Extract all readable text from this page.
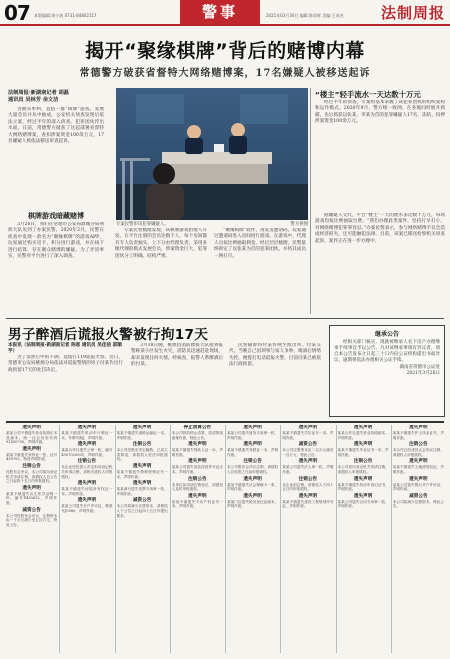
07 本版编辑:周小波 0731-84802117	警事	2021年03月30日 编辑:陈琼辉 美编:王成杰 法制周报
揭开“聚缘棋牌”背后的赌博内幕
常德警方破获省督特大网络赌博案，17名嫌疑人被移送起诉
法制周报·新湖南记者 胡磊
通讯员 吴林芳 余文洁

为抽头牟利，竟搭一群“棋牌”游戏，发展大量会员并从中抽成，公安机关侦查发现后依法立案，经过半年的深入侦查，犯罪团伙浮出水面。日前，常德警方破获了这起部署省督特大网络赌博案，查扣涉案资金100余万元，17名嫌疑人被依法移送审查起诉。

棋牌游戏暗藏赌博

3月26日，我们在常德市公安局鼎城分局刑侦大队见到了办案民警。2020年2月，民警在侦查中发现一款名为“聚缘棋牌”的游戏APP，玩家通过购买房卡、积分进行游戏，并在线下进行结算，存在聚众赌博的嫌疑。为了弄清事实，民警对平台进行了深入调查。

专案民警审讯犯罪嫌疑人。	警方供图

专案民警梳理发现，该棋牌游戏由他人开发，在平台注册的会员达数千人，每个房间都有专人负责抽头，上下分由代理负责，采用多级代理的模式发展会员，涉案资金巨大，犯罪团伙分工明确、结构严密。

“聚缘棋牌”软件，再发送邀请码，玩家通过邀请码进入房间进行游戏。在游戏中，代理人员按比例抽取佣金。经过层层梳理，民警最终锁定了以张某为首的犯罪团伙，并将其成员一网打尽。

“楼主”轻手流水一天达数十万元

经过半年的侦查，专案组基本掌握了该犯罪团伙的组织架构和运作模式。2020年9月，警方统一收网，在多地同时展开抓捕，先后抓获以张某、李某为首的犯罪嫌疑人17名，冻结、扣押涉案资金100余万元。

据嫌疑人交代，平台“楼主”一天的流水多达数十万元，每场游戏均按比例抽取台费。“我们办理此类案件，坚持打早打小，对网络赌博犯罪零容忍。”办案民警表示，参与网络赌博不仅会造成经济损失，还可能触犯法律。目前，该案已移送检察机关审查起诉，案件正在进一步办理中。

男子醉酒后谎报火警被行拘17天
本报讯（法制周报·新湖南记者 陈恩 通讯员 吴佳信 邵顺芋）

为了发泄心中的不满，竟拨打119谎报火警。近日，常德市公安局桃源分局依法对谎报警情的男子付某作出行政拘留17天的处罚决定。

3月18日晚，桃源县消防救援大队接到报警称某小区发生火灾，消防员迅速赶赴现场，却未发现任何火情。经核查，报警人系醉酒后的付某。

民警随即将付某传唤至派出所。付某交代，当晚自己因琐事与家人争吵，喝酒后情绪失控，便拨打电话谎报火警，目前付某已被依法行政拘留。

继承公告

经相关部门核实，现就被继承人名下房产办理继承手续事宜予以公告，凡对该继承事项有异议者，请自本公告发布之日起三十日内向公证机构提出书面异议，逾期将依法办理相关公证手续。

湖南省常德市公证处
2021年3月26日
遗失声明
某某公司不慎遗失营业执照正本及副本，统一社会信用代码91430700，声明作废。
遗失声明
某某不慎遗失身份证一张，证号430702，特此声明作废。
注销公告
经股东会决议，本公司拟向登记机关申请注销，请债权人自公告之日起四十五日内申报债权。
遗失声明
某某不慎遗失出生医学证明一份，编号P430612，声明作废。
减资公告
本公司经股东会决议，注册资本由一千万元减少至五百万元，特此公告。
遗失声明
某某不慎遗失机动车行驶证一本，车牌号湘J，声明作废。
遗失声明
某某合作社遗失公章一枚，编号4307020001，声明作废。
注销公告
本企业经投资人决定拟向登记机关申请注销，请相关债权人申报债权。
遗失声明
某某不慎遗失房屋所有权证一本，声明作废。
遗失声明
某某公司遗失开户许可证，核准号J5580，声明作废。
遗失声明
某某不慎遗失道路运输证一本，声明作废。
注销公告
本公司经股东决定解散，已成立清算组，请债权人依法申报债权。
遗失声明
某某不慎遗失教师资格证书一本，声明作废。
遗失声明
某某商行遗失发票专用章一枚，声明作废。
减资公告
本公司拟减少注册资本，请债权人于公告之日起四十五日内提出要求。
停止清算公告
本公司因故停止清算，原清算组备案作废，特此公告。
遗失声明
某某不慎遗失残疾人证一本，声明作废。
遗失声明
某某公司遗失食品经营许可证正本，声明作废。
注销公告
本单位拟申请注销登记，请债权人及时申报债权。
遗失声明
某某不慎遗失不动产权证书一本，声明作废。
遗失声明
某某公司遗失财务专用章一枚，声明作废。
遗失声明
某某不慎遗失驾驶证一本，声明作废。
注销公告
本公司股东会决议注销，请债权人自见报之日起申报债权。
遗失声明
某某不慎遗失社会保障卡一张，声明作废。
遗失声明
某某门店遗失税务登记证副本，声明作废。
遗失声明
某某不慎遗失学位证书一本，声明作废。
减资公告
本公司注册资本由二百万元减至一百万元，特此公告。
遗失声明
某某公司遗失法人章一枚，声明作废。
注销公告
本企业拟注销，请债权人于四十五日内申报债权。
遗失声明
某某不慎遗失建设工程规划许可证，声明作废。
遗失声明
某某合作社遗失营业执照副本，声明作废。
遗失声明
某某不慎遗失毕业证书一本，声明作废。
注销公告
本公司拟向登记机关申请注销，请债权人申报债权。
遗失声明
某某不慎遗失机动车登记证书，声明作废。
遗失声明
某某公司遗失合同专用章一枚，声明作废。
遗失声明
某某不慎遗失护士执业证书，声明作废。
注销公告
本合作社经成员大会决议注销，请债权人申报债权。
遗失声明
某某不慎遗失土地使用权证，声明作废。
遗失声明
某某公司遗失银行开户许可证，声明作废。
减资公告
本公司拟减少注册资本，特此公告。
